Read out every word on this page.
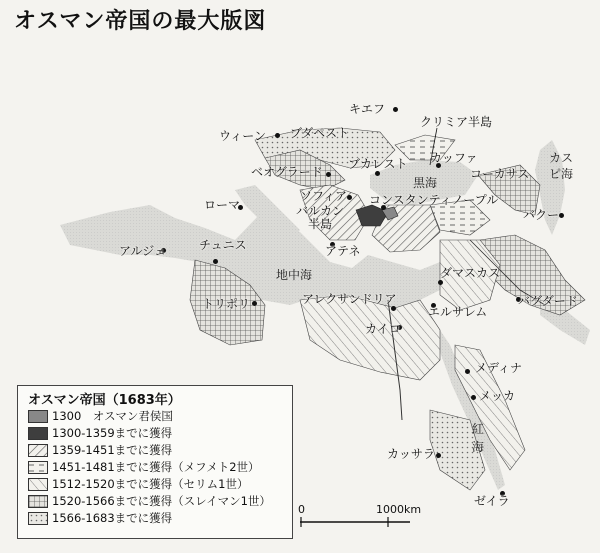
オスマン帝国の最大版図
キエフ
クリミア半島
ウィーン ブダペスト
ベオグラード
ブカレスト カッファ
ソフィア
バルカン
半島
コンスタンティノープル
ローマ
アテネ
アルジェ	チュニス
トリポリ	アレクサンドリア
カイロ
ダマスカス
エルサレム
バグダード
バクー
コーカサス
メディナ
メッカ
カッサラ
ゼイラ
黒海
カスピ海
地中海
紅海
オスマン帝国（1683年）
1300　オスマン君侯国
1300-1359までに獲得
1359-1451までに獲得
1451-1481までに獲得（メフメト2世）
1512-1520までに獲得（セリム1世）
1520-1566までに獲得（スレイマン1世）
1566-1683までに獲得
0	1000km
